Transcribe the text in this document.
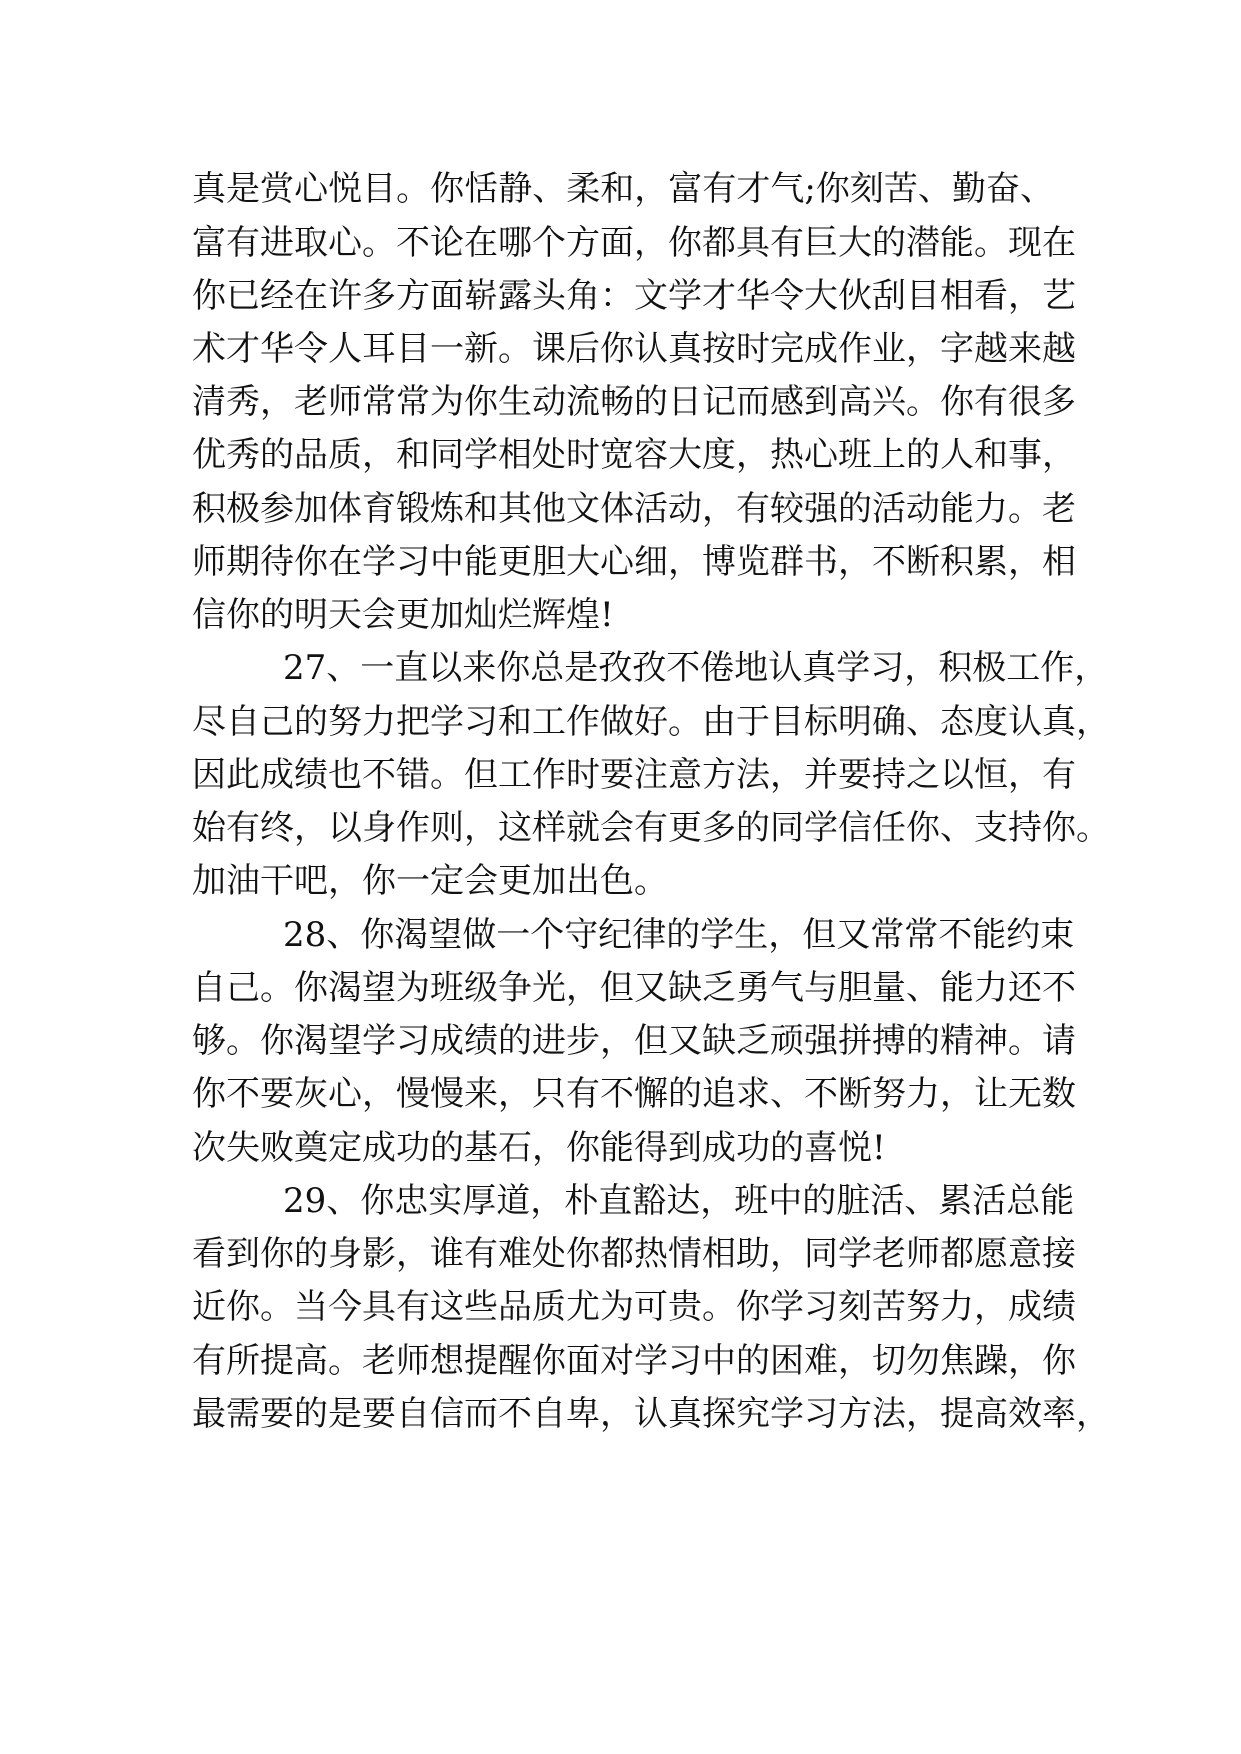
真是赏心悦目。你恬静、柔和，富有才气;你刻苦、勤奋、
富有进取心。不论在哪个方面，你都具有巨大的潜能。现在
你已经在许多方面崭露头角：文学才华令大伙刮目相看，艺
术才华令人耳目一新。课后你认真按时完成作业，字越来越
清秀，老师常常为你生动流畅的日记而感到高兴。你有很多
优秀的品质，和同学相处时宽容大度，热心班上的人和事，
积极参加体育锻炼和其他文体活动，有较强的活动能力。老
师期待你在学习中能更胆大心细，博览群书，不断积累，相
信你的明天会更加灿烂辉煌!
27、一直以来你总是孜孜不倦地认真学习，积极工作，
尽自己的努力把学习和工作做好。由于目标明确、态度认真，
因此成绩也不错。但工作时要注意方法，并要持之以恒，有
始有终，以身作则，这样就会有更多的同学信任你、支持你。
加油干吧，你一定会更加出色。
28、你渴望做一个守纪律的学生，但又常常不能约束
自己。你渴望为班级争光，但又缺乏勇气与胆量、能力还不
够。你渴望学习成绩的进步，但又缺乏顽强拼搏的精神。请
你不要灰心，慢慢来，只有不懈的追求、不断努力，让无数
次失败奠定成功的基石，你能得到成功的喜悦!
29、你忠实厚道，朴直豁达，班中的脏活、累活总能
看到你的身影，谁有难处你都热情相助，同学老师都愿意接
近你。当今具有这些品质尤为可贵。你学习刻苦努力，成绩
有所提高。老师想提醒你面对学习中的困难，切勿焦躁，你
最需要的是要自信而不自卑，认真探究学习方法，提高效率，
